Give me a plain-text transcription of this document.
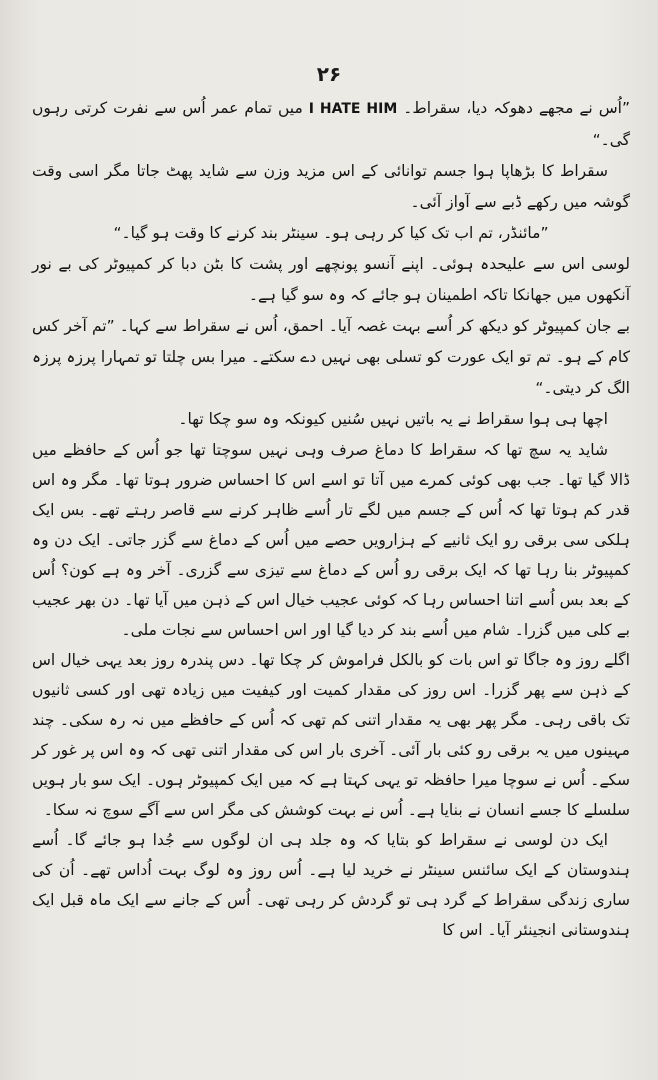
۲۶

”اُس نے مجھے دھوکہ دیا، سقراط۔ I HATE HIM میں تمام عمر اُس سے نفرت کرتی رہوں گی۔“

سقراط کا بڑھاپا ہوا جسم توانائی کے اس مزید وزن سے شاید پھٹ جاتا مگر اسی وقت گوشہ میں رکھے ڈبے سے آواز آئی۔

”مائنڈر، تم اب تک کیا کر رہی ہو۔ سینٹر بند کرنے کا وقت ہو گیا۔“

لوسی اس سے علیحدہ ہوئی۔ اپنے آنسو پونچھے اور پشت کا بٹن دبا کر کمپیوٹر کی بے نور آنکھوں میں جھانکا تاکہ اطمینان ہو جائے کہ وہ سو گیا ہے۔

بے جان کمپیوٹر کو دیکھ کر اُسے بہت غصہ آیا۔ احمق، اُس نے سقراط سے کہا۔ ”تم آخر کس کام کے ہو۔ تم تو ایک عورت کو تسلی بھی نہیں دے سکتے۔ میرا بس چلتا تو تمہارا پرزہ پرزہ الگ کر دیتی۔“

اچھا ہی ہوا سقراط نے یہ باتیں نہیں سُنیں کیونکہ وہ سو چکا تھا۔

شاید یہ سچ تھا کہ سقراط کا دماغ صرف وہی نہیں سوچتا تھا جو اُس کے حافظے میں ڈالا گیا تھا۔ جب بھی کوئی کمرے میں آتا تو اسے اس کا احساس ضرور ہوتا تھا۔ مگر وہ اس قدر کم ہوتا تھا کہ اُس کے جسم میں لگے تار اُسے ظاہر کرنے سے قاصر رہتے تھے۔ بس ایک ہلکی سی برقی رو ایک ثانیے کے ہزارویں حصے میں اُس کے دماغ سے گزر جاتی۔ ایک دن وہ کمپیوٹر بنا رہا تھا کہ ایک برقی رو اُس کے دماغ سے تیزی سے گزری۔ آخر وہ ہے کون؟ اُس کے بعد بس اُسے اتنا احساس رہا کہ کوئی عجیب خیال اس کے ذہن میں آیا تھا۔ دن بھر عجیب بے کلی میں گزرا۔ شام میں اُسے بند کر دیا گیا اور اس احساس سے نجات ملی۔

اگلے روز وہ جاگا تو اس بات کو بالکل فراموش کر چکا تھا۔ دس پندرہ روز بعد یہی خیال اس کے ذہن سے پھر گزرا۔ اس روز کی مقدار کمیت اور کیفیت میں زیادہ تھی اور کسی ثانیوں تک باقی رہی۔ مگر پھر بھی یہ مقدار اتنی کم تھی کہ اُس کے حافظے میں نہ رہ سکی۔ چند مہینوں میں یہ برقی رو کئی بار آئی۔ آخری بار اس کی مقدار اتنی تھی کہ وہ اس پر غور کر سکے۔ اُس نے سوچا میرا حافظہ تو یہی کہتا ہے کہ میں ایک کمپیوٹر ہوں۔ ایک سو بار ہویں سلسلے کا جسے انسان نے بنایا ہے۔ اُس نے بہت کوشش کی مگر اس سے آگے سوچ نہ سکا۔

ایک دن لوسی نے سقراط کو بتایا کہ وہ جلد ہی ان لوگوں سے جُدا ہو جائے گا۔ اُسے ہندوستان کے ایک سائنس سینٹر نے خرید لیا ہے۔ اُس روز وہ لوگ بہت اُداس تھے۔ اُن کی ساری زندگی سقراط کے گرد ہی تو گردش کر رہی تھی۔ اُس کے جانے سے ایک ماہ قبل ایک ہندوستانی انجینئر آیا۔ اس کا
